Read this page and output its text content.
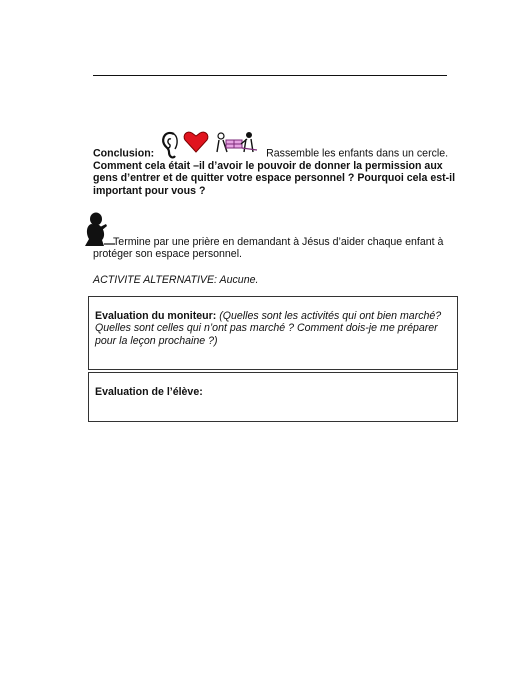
Conclusion:	Rassemble les enfants dans un cercle.
Comment cela était –il d’avoir le pouvoir de donner la permission aux gens d’entrer et de quitter votre espace personnel ? Pourquoi cela est-il important pour vous ?
Termine par une prière en demandant à Jésus d’aider chaque enfant à protéger son espace personnel.
ACTIVITE ALTERNATIVE: Aucune.
Evaluation du moniteur: (Quelles sont les activités qui ont bien marché? Quelles sont celles qui n’ont pas marché ? Comment dois-je me préparer pour la leçon prochaine ?)
Evaluation de l’élève:
